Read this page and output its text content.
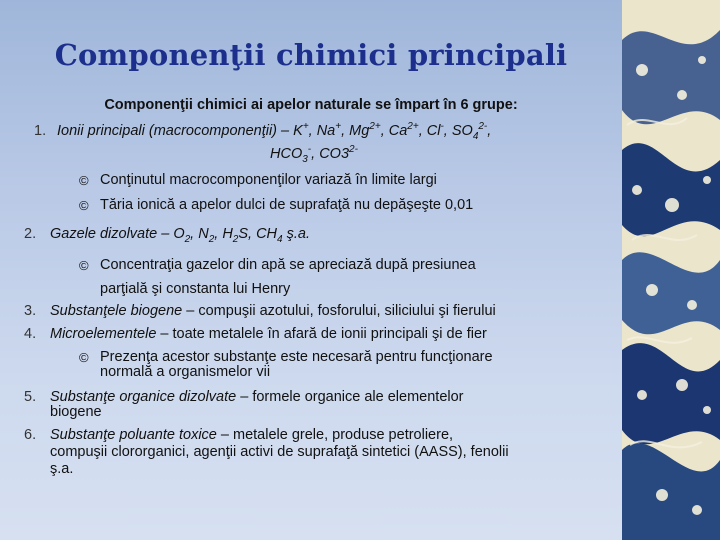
Componenţii chimici principali
Componenţii chimici ai apelor naturale se împart în 6 grupe:
1. Ionii principali (macrocomponenţii) – K+, Na+, $Mg^{2+}$, $Ca^{2+}$, Cl-, $SO_4^{2-}$,
$HCO_3^-$, $CO3^{2-}$
© Conţinutul macrocomponenţilor variază în limite largi
© Tăria ionică a apelor dulci de suprafaţă nu depăşeşte 0,01
2. Gazele dizolvate – $O_2$, $N_2$, $H_2S$, $CH_4$ ş.a.
© Concentraţia gazelor din apă se apreciază după presiunea
parţială şi constanta lui Henry
3. Substanţele biogene – compuşii azotului, fosforului, siliciului şi fierului
4. Microelementele – toate metalele în afară de ionii principali şi de fier
© Prezenţa acestor substanţe este necesară pentru funcţionare
normală a organismelor vii
5. Substanţe organice dizolvate – formele organice ale elementelor
biogene
6. Substanţe poluante toxice – metalele grele, produse petroliere,
compuşii clororganici, agenţii activi de suprafaţă sintetici (AASS), fenolii
ş.a.
